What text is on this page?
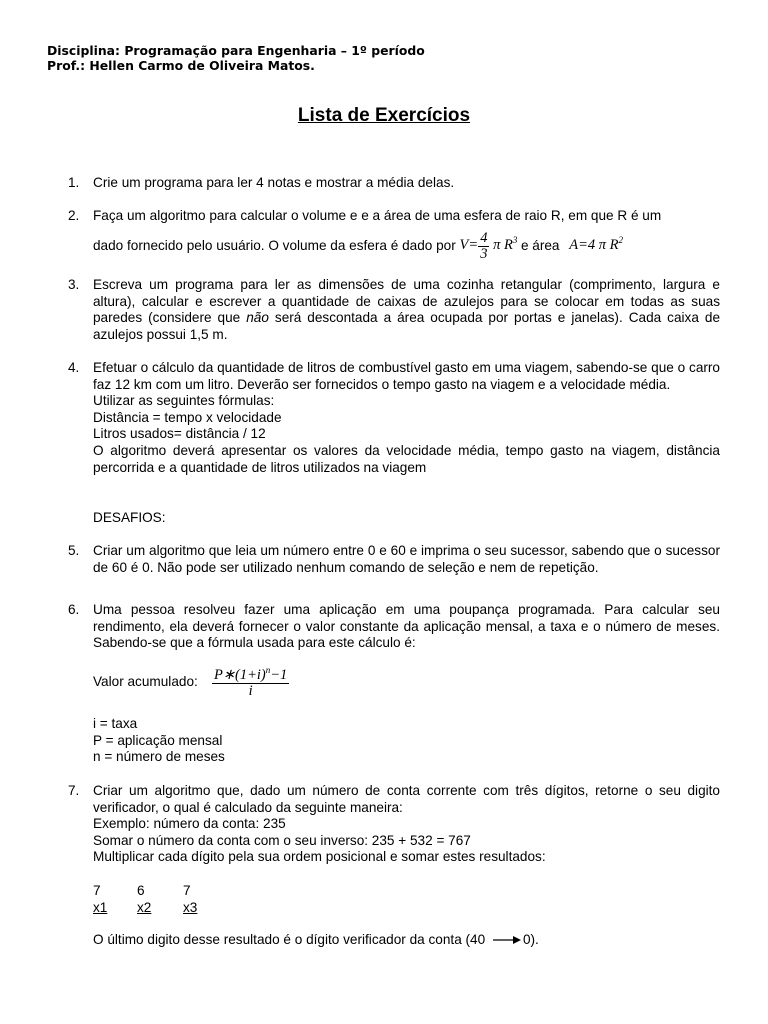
Disciplina: Programação para Engenharia – 1º período
Prof.: Hellen Carmo de Oliveira Matos.
Lista de Exercícios
1.	Crie um programa para ler 4 notas e mostrar a média delas.
2.	Faça um algoritmo para calcular o volume e e a área de uma esfera de raio R, em que R é um
dado fornecido pelo usuário. O volume da esfera é dado por $V= \frac{4}{3}$ π $R^3$ e área A=4 π $R^2$
3.	Escreva um programa para ler as dimensões de uma cozinha retangular (comprimento, largura e altura), calcular e escrever a quantidade de caixas de azulejos para se colocar em todas as suas paredes (considere que não será descontada a área ocupada por portas e janelas). Cada caixa de azulejos possui 1,5 m.
4.	Efetuar o cálculo da quantidade de litros de combustível gasto em uma viagem, sabendo-se que o carro faz 12 km com um litro. Deverão ser fornecidos o tempo gasto na viagem e a velocidade média.
Utilizar as seguintes fórmulas:
Distância = tempo x velocidade
Litros usados= distância / 12
O algoritmo deverá apresentar os valores da velocidade média, tempo gasto na viagem, distância percorrida e a quantidade de litros utilizados na viagem
DESAFIOS:
5.	Criar um algoritmo que leia um número entre 0 e 60 e imprima o seu sucessor, sabendo que o sucessor de 60 é 0. Não pode ser utilizado nenhum comando de seleção e nem de repetição.
6.	Uma pessoa resolveu fazer uma aplicação em uma poupança programada. Para calcular seu rendimento, ela deverá fornecer o valor constante da aplicação mensal, a taxa e o número de meses. Sabendo-se que a fórmula usada para este cálculo é:
Valor acumulado: $\frac{P∗(1+i)^n-1}{i}$
i = taxa
P = aplicação mensal
n = número de meses
7.	Criar um algoritmo que, dado um número de conta corrente com três dígitos, retorne o seu digito verificador, o qual é calculado da seguinte maneira:
Exemplo: número da conta: 235
Somar o número da conta com o seu inverso: 235 + 532 = 767
Multiplicar cada dígito pela sua ordem posicional e somar estes resultados:
7	6	7
x1 x2 x3
O último digito desse resultado é o dígito verificador da conta (40	0).
